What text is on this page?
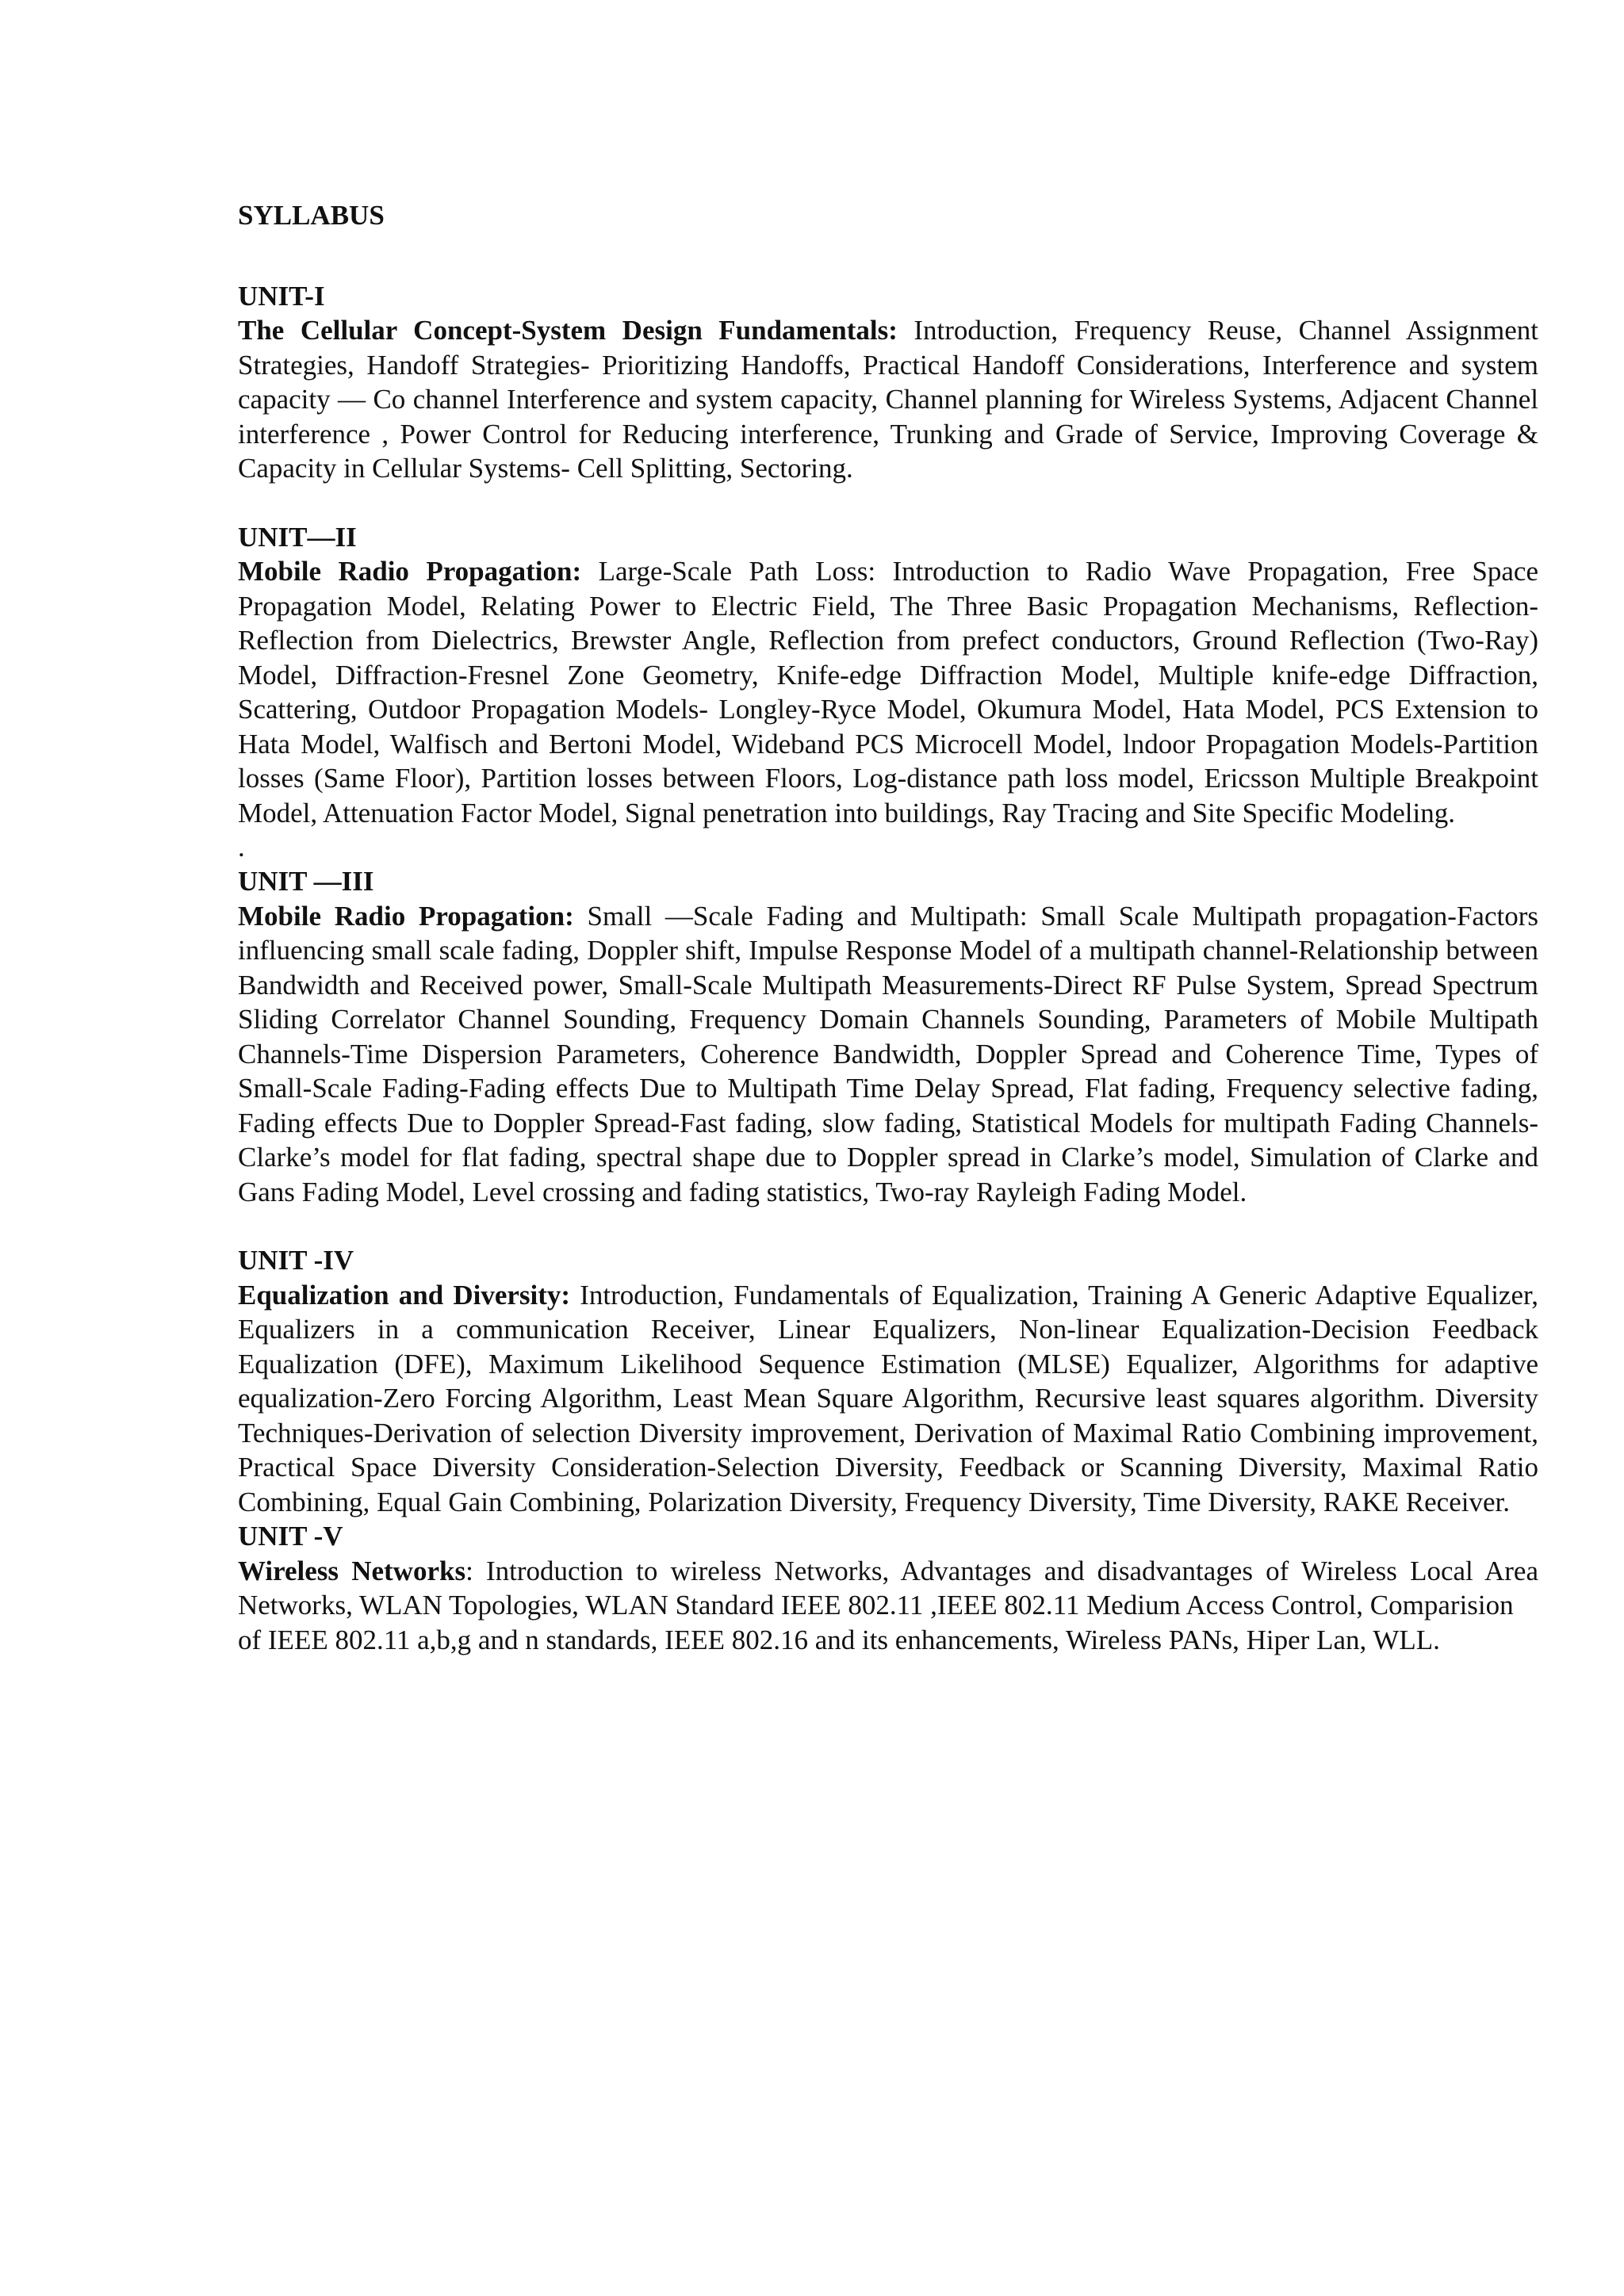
SYLLABUS

UNIT-I

The Cellular Concept-System Design Fundamentals: Introduction, Frequency Reuse, Channel Assignment Strategies, Handoff Strategies- Prioritizing Handoffs, Practical Handoff Considerations, Interference and system capacity — Co channel Interference and system capacity, Channel planning for Wireless Systems, Adjacent Channel interference , Power Control for Reducing interference, Trunking and Grade of Service, Improving Coverage & Capacity in Cellular Systems- Cell Splitting, Sectoring.

UNIT—II

Mobile Radio Propagation: Large-Scale Path Loss: Introduction to Radio Wave Propagation, Free Space Propagation Model, Relating Power to Electric Field, The Three Basic Propagation Mechanisms, Reflection- Reflection from Dielectrics, Brewster Angle, Reflection from prefect conductors, Ground Reflection (Two-Ray) Model, Diffraction-Fresnel Zone Geometry, Knife-edge Diffraction Model, Multiple knife-edge Diffraction, Scattering, Outdoor Propagation Models- Longley-Ryce Model, Okumura Model, Hata Model, PCS Extension to Hata Model, Walfisch and Bertoni Model, Wideband PCS Microcell Model, lndoor Propagation Models-Partition losses (Same Floor), Partition losses between Floors, Log-distance path loss model, Ericsson Multiple Breakpoint Model, Attenuation Factor Model, Signal penetration into buildings, Ray Tracing and Site Specific Modeling.

.

UNIT —III

Mobile Radio Propagation: Small —Scale Fading and Multipath: Small Scale Multipath propagation-Factors influencing small scale fading, Doppler shift, Impulse Response Model of a multipath channel-Relationship between Bandwidth and Received power, Small-Scale Multipath Measurements-Direct RF Pulse System, Spread Spectrum Sliding Correlator Channel Sounding, Frequency Domain Channels Sounding, Parameters of Mobile Multipath Channels-Time Dispersion Parameters, Coherence Bandwidth, Doppler Spread and Coherence Time, Types of Small-Scale Fading-Fading effects Due to Multipath Time Delay Spread, Flat fading, Frequency selective fading, Fading effects Due to Doppler Spread-Fast fading, slow fading, Statistical Models for multipath Fading Channels-Clarke’s model for flat fading, spectral shape due to Doppler spread in Clarke’s model, Simulation of Clarke and Gans Fading Model, Level crossing and fading statistics, Two-ray Rayleigh Fading Model.

UNIT -IV

Equalization and Diversity: Introduction, Fundamentals of Equalization, Training A Generic Adaptive Equalizer, Equalizers in a communication Receiver, Linear Equalizers, Non-linear Equalization-Decision Feedback Equalization (DFE), Maximum Likelihood Sequence Estimation (MLSE) Equalizer, Algorithms for adaptive equalization-Zero Forcing Algorithm, Least Mean Square Algorithm, Recursive least squares algorithm. Diversity Techniques-Derivation of selection Diversity improvement, Derivation of Maximal Ratio Combining improvement, Practical Space Diversity Consideration-Selection Diversity, Feedback or Scanning Diversity, Maximal Ratio Combining, Equal Gain Combining, Polarization Diversity, Frequency Diversity, Time Diversity, RAKE Receiver.

UNIT -V

Wireless Networks: Introduction to wireless Networks, Advantages and disadvantages of Wireless Local Area Networks, WLAN Topologies, WLAN Standard IEEE 802.11 ,IEEE 802.11 Medium Access Control, Comparision

of IEEE 802.11 a,b,g and n standards, IEEE 802.16 and its enhancements, Wireless PANs, Hiper Lan, WLL.
